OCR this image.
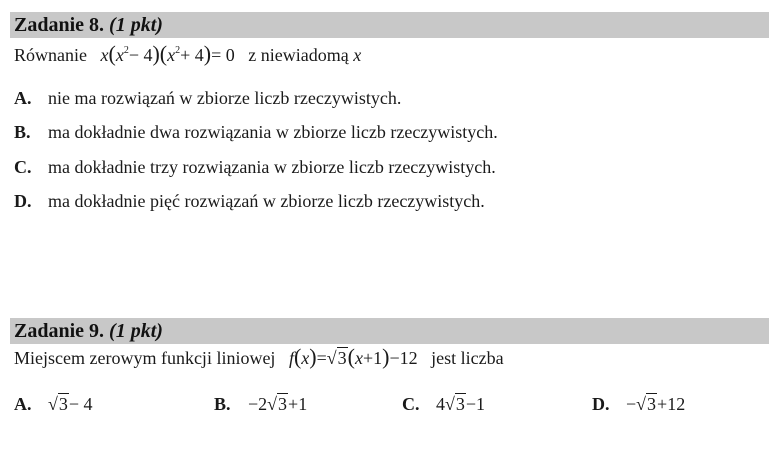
Zadanie 8. (1 pkt)
Równanie $x(x^2- 4)(x^2+ 4)= 0$ z niewiadomą x
A. nie ma rozwiązań w zbiorze liczb rzeczywistych.
B. ma dokładnie dwa rozwiązania w zbiorze liczb rzeczywistych.
C. ma dokładnie trzy rozwiązania w zbiorze liczb rzeczywistych.
D. ma dokładnie pięć rozwiązań w zbiorze liczb rzeczywistych.
Zadanie 9. (1 pkt)
Miejscem zerowym funkcji liniowej f(x)=√3(x+1)−12 jest liczba
A. √3− 4	B. −2√3+1	C. 4√3−1	D. −√3+12
